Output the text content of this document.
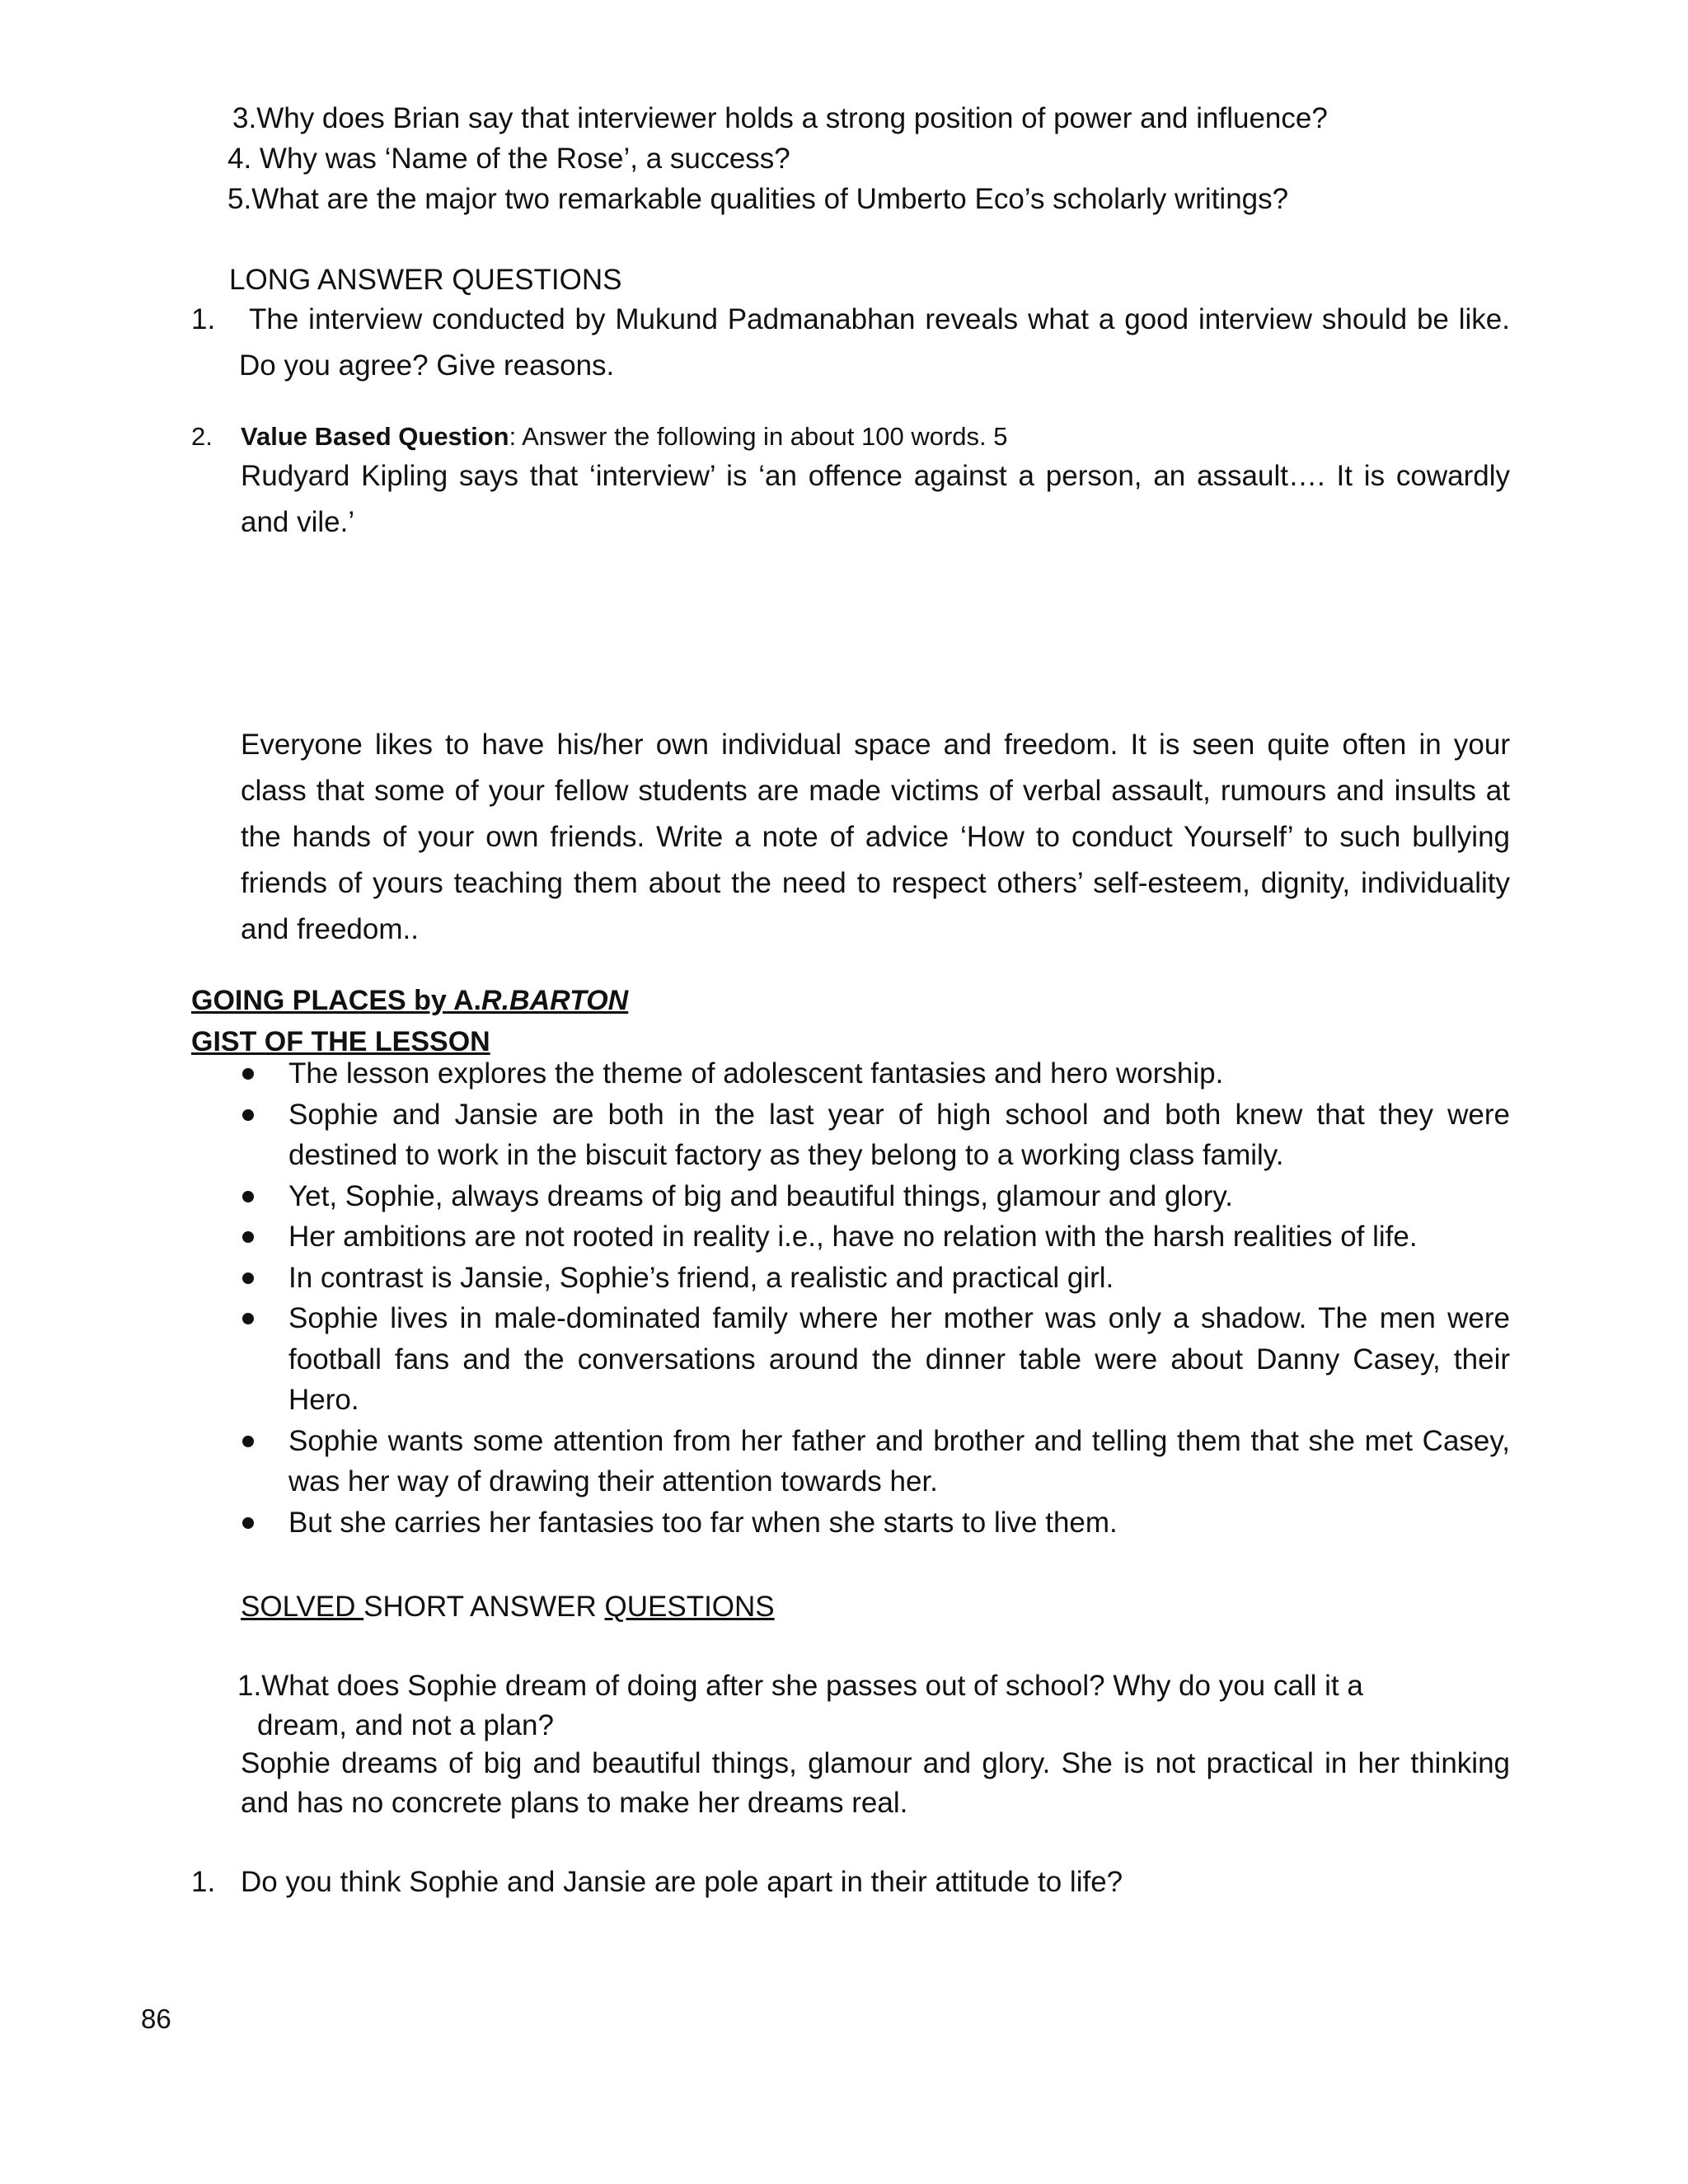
3.Why does Brian say that interviewer holds a strong position of power and influence?
4. Why was ‘Name of the Rose’, a success?
5.What are the major two remarkable qualities of Umberto Eco’s scholarly writings?
LONG ANSWER QUESTIONS
1.	The interview conducted by Mukund Padmanabhan reveals what a good interview should be like. Do you agree? Give reasons.
2. Value Based Question: Answer the following in about 100 words. 5
Rudyard Kipling says that ‘interview’ is ‘an offence against a person, an assault…. It is cowardly and vile.’
Everyone likes to have his/her own individual space and freedom. It is seen quite often in your class that some of your fellow students are made victims of verbal assault, rumours and insults at the hands of your own friends. Write a note of advice ‘How to conduct Yourself’ to such bullying friends of yours teaching them about the need to respect others’ self-esteem, dignity, individuality and freedom..
GOING PLACES by A.R.BARTON
GIST OF THE LESSON
The lesson explores the theme of adolescent fantasies and hero worship.
Sophie and Jansie are both in the last year of high school and both knew that they were destined to work in the biscuit factory as they belong to a working class family.
Yet, Sophie, always dreams of big and beautiful things, glamour and glory.
Her ambitions are not rooted in reality i.e., have no relation with the harsh realities of life.
In contrast is Jansie, Sophie’s friend, a realistic and practical girl.
Sophie lives in male-dominated family where her mother was only a shadow. The men were football fans and the conversations around the dinner table were about Danny Casey, their Hero.
Sophie wants some attention from her father and brother and telling them that she met Casey, was her way of drawing their attention towards her.
But she carries her fantasies too far when she starts to live them.
SOLVED SHORT ANSWER QUESTIONS
1.What does Sophie dream of doing after she passes out of school? Why do you call it a
dream, and not a plan?
Sophie dreams of big and beautiful things, glamour and glory. She is not practical in her thinking and has no concrete plans to make her dreams real.
1. Do you think Sophie and Jansie are pole apart in their attitude to life?
86
